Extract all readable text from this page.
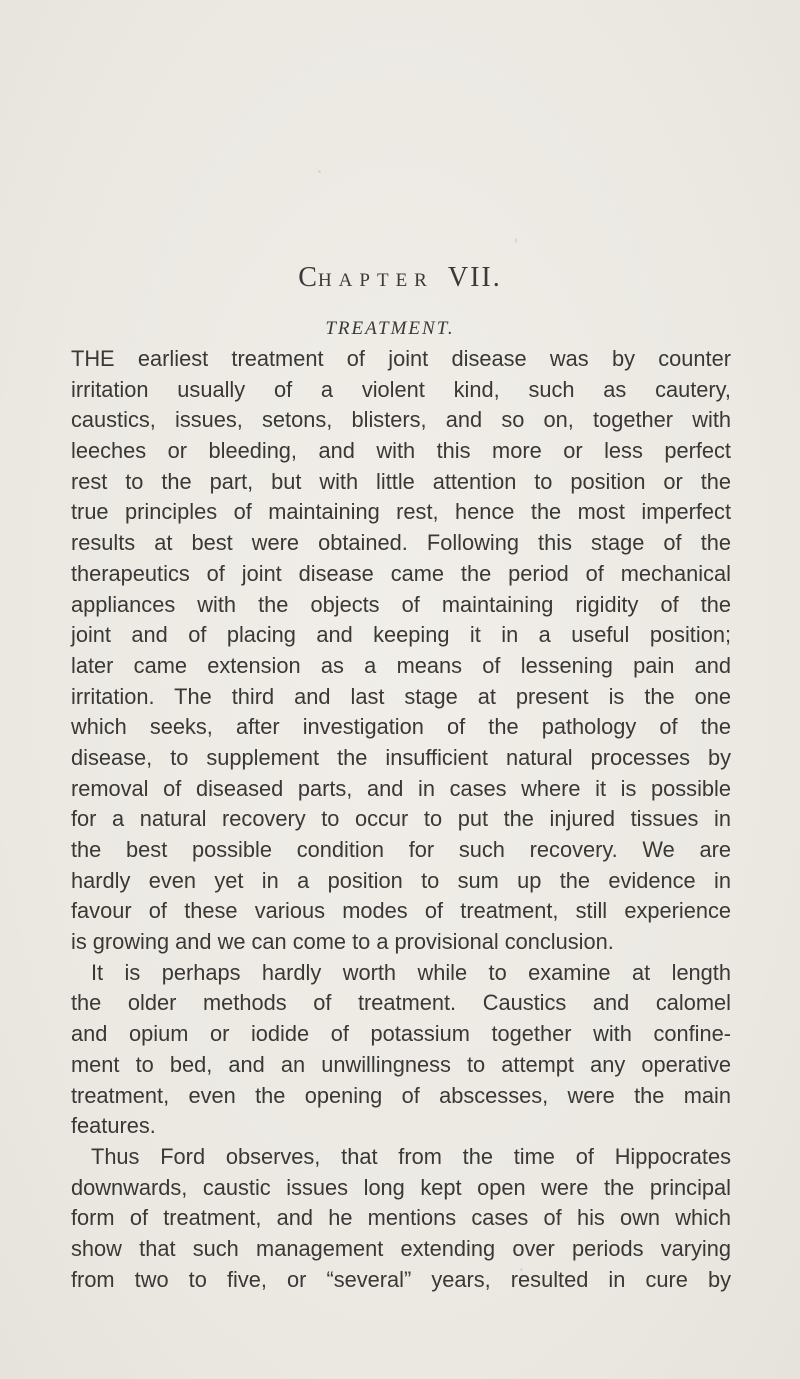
CHAPTER VII.
TREATMENT.
THE earliest treatment of joint disease was by counter
irritation usually of a violent kind, such as cautery,
caustics, issues, setons, blisters, and so on, together with
leeches or bleeding, and with this more or less perfect
rest to the part, but with little attention to position or the
true principles of maintaining rest, hence the most imperfect
results at best were obtained. Following this stage of the
therapeutics of joint disease came the period of mechanical
appliances with the objects of maintaining rigidity of the
joint and of placing and keeping it in a useful position;
later came extension as a means of lessening pain and
irritation. The third and last stage at present is the one
which seeks, after investigation of the pathology of the
disease, to supplement the insufficient natural processes by
removal of diseased parts, and in cases where it is possible
for a natural recovery to occur to put the injured tissues in
the best possible condition for such recovery. We are
hardly even yet in a position to sum up the evidence in
favour of these various modes of treatment, still experience
is growing and we can come to a provisional conclusion.
It is perhaps hardly worth while to examine at length
the older methods of treatment. Caustics and calomel
and opium or iodide of potassium together with confine-
ment to bed, and an unwillingness to attempt any operative
treatment, even the opening of abscesses, were the main
features.
Thus Ford observes, that from the time of Hippocrates
downwards, caustic issues long kept open were the principal
form of treatment, and he mentions cases of his own which
show that such management extending over periods varying
from two to five, or “several” years, resulted in cure by
